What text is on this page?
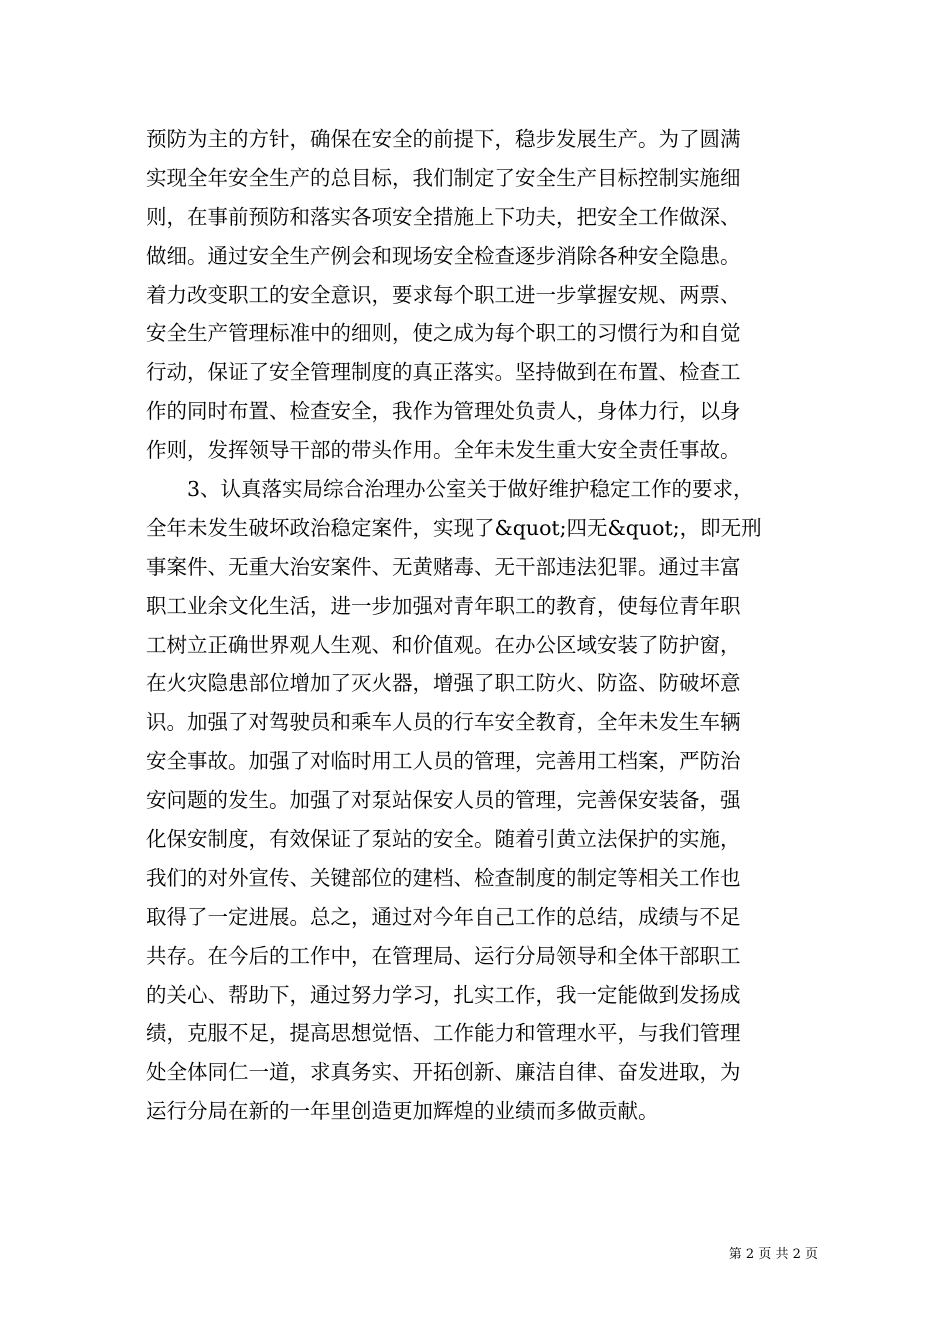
预防为主的方针，确保在安全的前提下，稳步发展生产。为了圆满
实现全年安全生产的总目标，我们制定了安全生产目标控制实施细
则，在事前预防和落实各项安全措施上下功夫，把安全工作做深、
做细。通过安全生产例会和现场安全检查逐步消除各种安全隐患。
着力改变职工的安全意识，要求每个职工进一步掌握安规、两票、
安全生产管理标准中的细则，使之成为每个职工的习惯行为和自觉
行动，保证了安全管理制度的真正落实。坚持做到在布置、检查工
作的同时布置、检查安全，我作为管理处负责人，身体力行，以身
作则，发挥领导干部的带头作用。全年未发生重大安全责任事故。
3、认真落实局综合治理办公室关于做好维护稳定工作的要求，
全年未发生破坏政治稳定案件，实现了&quot;四无&quot;，即无刑
事案件、无重大治安案件、无黄赌毒、无干部违法犯罪。通过丰富
职工业余文化生活，进一步加强对青年职工的教育，使每位青年职
工树立正确世界观人生观、和价值观。在办公区域安装了防护窗，
在火灾隐患部位增加了灭火器，增强了职工防火、防盗、防破坏意
识。加强了对驾驶员和乘车人员的行车安全教育，全年未发生车辆
安全事故。加强了对临时用工人员的管理，完善用工档案，严防治
安问题的发生。加强了对泵站保安人员的管理，完善保安装备，强
化保安制度，有效保证了泵站的安全。随着引黄立法保护的实施，
我们的对外宣传、关键部位的建档、检查制度的制定等相关工作也
取得了一定进展。总之，通过对今年自己工作的总结，成绩与不足
共存。在今后的工作中，在管理局、运行分局领导和全体干部职工
的关心、帮助下，通过努力学习，扎实工作，我一定能做到发扬成
绩，克服不足，提高思想觉悟、工作能力和管理水平，与我们管理
处全体同仁一道，求真务实、开拓创新、廉洁自律、奋发进取，为
运行分局在新的一年里创造更加辉煌的业绩而多做贡献。
第 2 页 共 2 页
